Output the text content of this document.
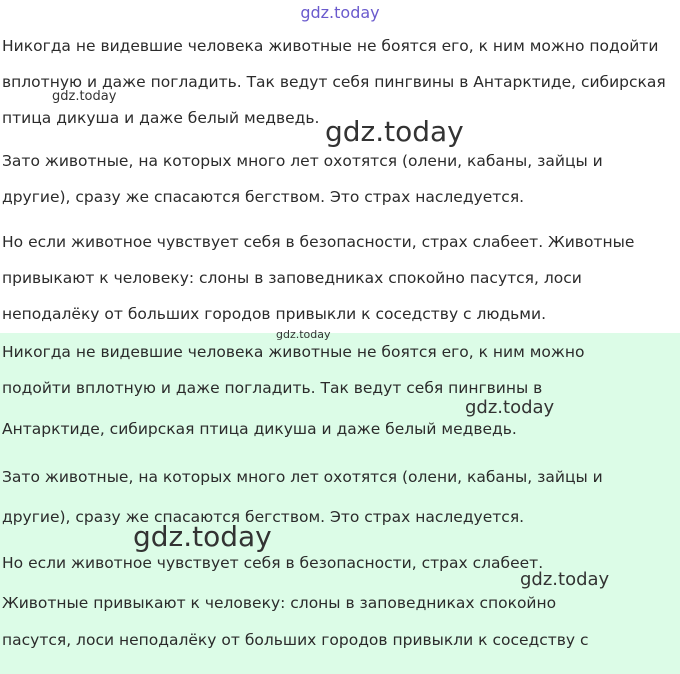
gdz.today
Никогда не видевшие человека животные не боятся его, к ним можно подойти
вплотную и даже погладить. Так ведут себя пингвины в Антарктиде, сибирская
птица дикуша и даже белый медведь.
Зато животные, на которых много лет охотятся (олени, кабаны, зайцы и
другие), сразу же спасаются бегством. Это страх наследуется.
Но если животное чувствует себя в безопасности, страх слабеет. Животные
привыкают к человеку: слоны в заповедниках спокойно пасутся, лоси
неподалёку от больших городов привыкли к соседству с людьми.
Никогда не видевшие человека животные не боятся его, к ним можно
подойти вплотную и даже погладить. Так ведут себя пингвины в
Антарктиде, сибирская птица дикуша и даже белый медведь.
Зато животные, на которых много лет охотятся (олени, кабаны, зайцы и
другие), сразу же спасаются бегством. Это страх наследуется.
Но если животное чувствует себя в безопасности, страх слабеет.
Животные привыкают к человеку: слоны в заповедниках спокойно
пасутся, лоси неподалёку от больших городов привыкли к соседству с
gdz.today
gdz.today
gdz.today
gdz.today
gdz.today
gdz.today
